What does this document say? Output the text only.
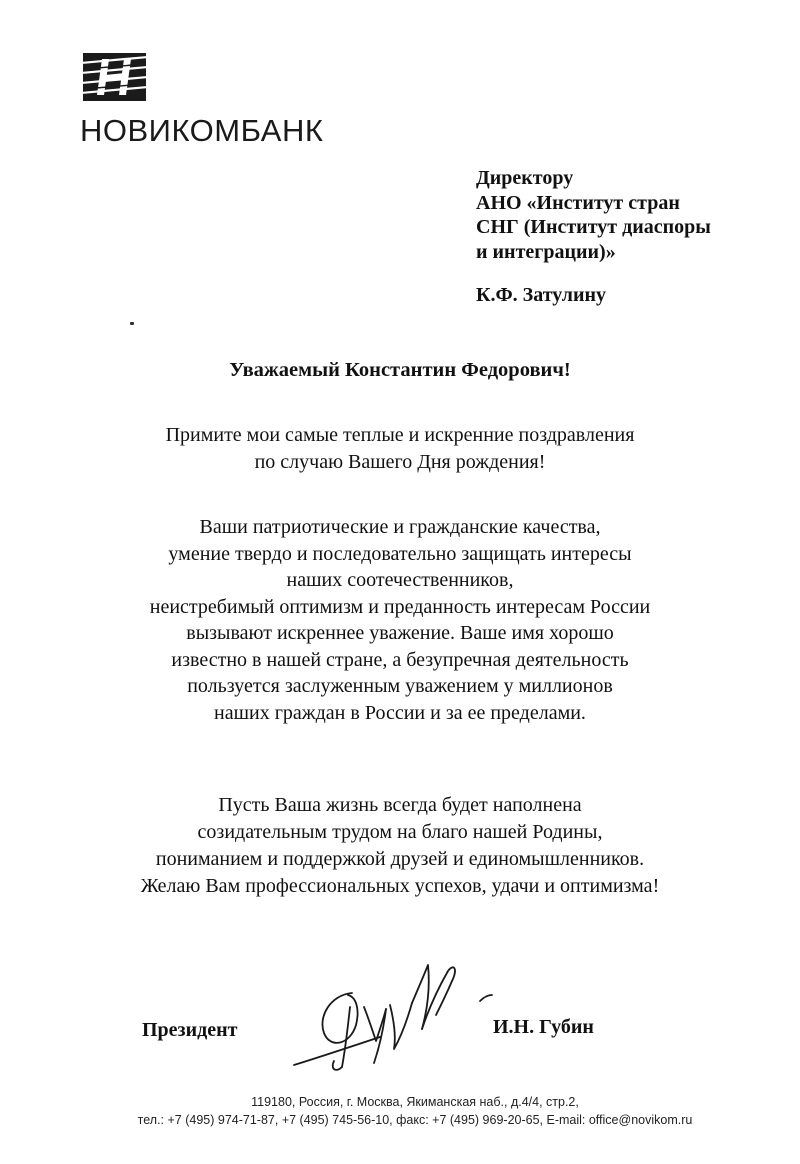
НОВИКОМБАНК
Директору
АНО «Институт стран
СНГ (Институт диаспоры
и интеграции)»
К.Ф. Затулину
Уважаемый Константин Федорович!
Примите мои самые теплые и искренние поздравления
по случаю Вашего Дня рождения!
Ваши патриотические и гражданские качества,
умение твердо и последовательно защищать интересы
наших соотечественников,
неистребимый оптимизм и преданность интересам России
вызывают искреннее уважение. Ваше имя хорошо
известно в нашей стране, а безупречная деятельность
пользуется заслуженным уважением у миллионов
наших граждан в России и за ее пределами.
Пусть Ваша жизнь всегда будет наполнена
созидательным трудом на благо нашей Родины,
пониманием и поддержкой друзей и единомышленников.
Желаю Вам профессиональных успехов, удачи и оптимизма!
Президент	И.Н. Губин
119180, Россия, г. Москва, Якиманская наб., д.4/4, стр.2,
тел.: +7 (495) 974-71-87, +7 (495) 745-56-10, факс: +7 (495) 969-20-65, E-mail: office@novikom.ru
